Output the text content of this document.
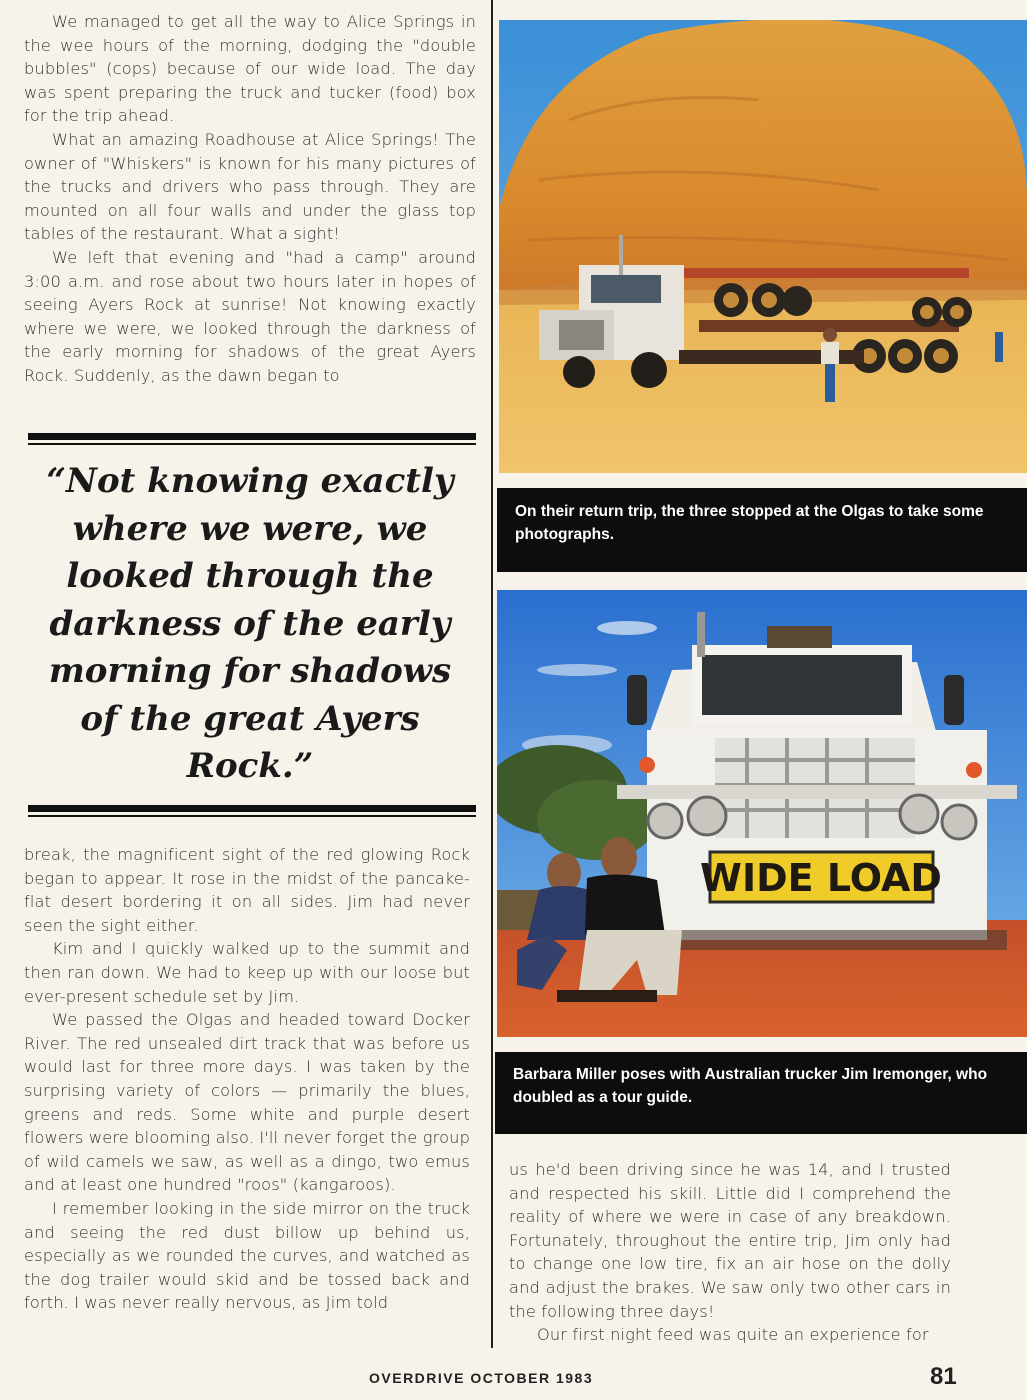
We managed to get all the way to Alice Springs in the wee hours of the morning, dodging the "double bubbles" (cops) because of our wide load. The day was spent preparing the truck and tucker (food) box for the trip ahead.

What an amazing Roadhouse at Alice Springs! The owner of "Whiskers" is known for his many pictures of the trucks and drivers who pass through. They are mounted on all four walls and under the glass top tables of the restaurant. What a sight!

We left that evening and "had a camp" around 3:00 a.m. and rose about two hours later in hopes of seeing Ayers Rock at sunrise! Not knowing exactly where we were, we looked through the darkness of the early morning for shadows of the great Ayers Rock. Suddenly, as the dawn began to

“Not knowing exactly where we were, we looked through the darkness of the early morning for shadows of the great Ayers Rock.”

break, the magnificent sight of the red glowing Rock began to appear. It rose in the midst of the pancake-flat desert bordering it on all sides. Jim had never seen the sight either.

Kim and I quickly walked up to the summit and then ran down. We had to keep up with our loose but ever-present schedule set by Jim.

We passed the Olgas and headed toward Docker River. The red unsealed dirt track that was before us would last for three more days. I was taken by the surprising variety of colors — primarily the blues, greens and reds. Some white and purple desert flowers were blooming also. I'll never forget the group of wild camels we saw, as well as a dingo, two emus and at least one hundred "roos" (kangaroos).

I remember looking in the side mirror on the truck and seeing the red dust billow up behind us, especially as we rounded the curves, and watched as the dog trailer would skid and be tossed back and forth. I was never really nervous, as Jim told

On their return trip, the three stopped at the Olgas to take some photographs.
WIDE LOAD
Barbara Miller poses with Australian trucker Jim Iremonger, who doubled as a tour guide.

us he'd been driving since he was 14, and I trusted and respected his skill. Little did I comprehend the reality of where we were in case of any breakdown. Fortunately, throughout the entire trip, Jim only had to change one low tire, fix an air hose on the dolly and adjust the brakes. We saw only two other cars in the following three days!

Our first night feed was quite an experience for

OVERDRIVE OCTOBER 1983	81
